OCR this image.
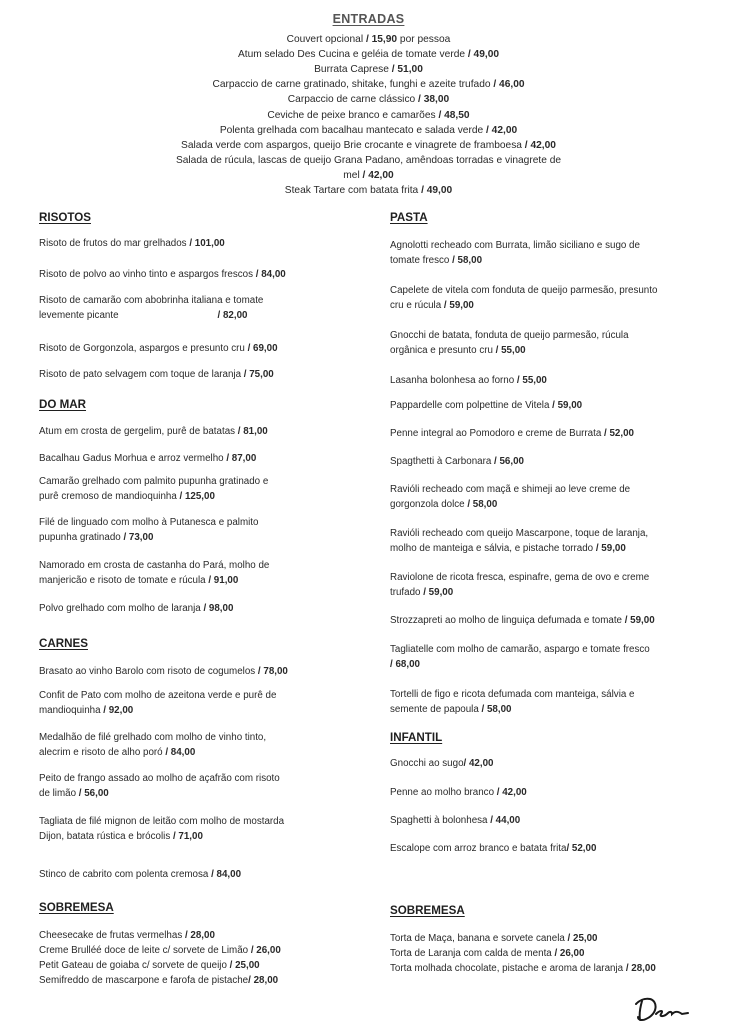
ENTRADAS
Couvert opcional / 15,90 por pessoa
Atum selado Des Cucina e geléia de tomate verde / 49,00
Burrata Caprese / 51,00
Carpaccio de carne gratinado, shitake, funghi e azeite trufado / 46,00
Carpaccio de carne clássico / 38,00
Ceviche de peixe branco e camarões / 48,50
Polenta grelhada com bacalhau mantecato e salada verde / 42,00
Salada verde com aspargos, queijo Brie crocante e vinagrete de framboesa / 42,00
Salada de rúcula, lascas de queijo Grana Padano, amêndoas torradas e vinagrete de
mel / 42,00
Steak Tartare com batata frita / 49,00
RISOTOS
Risoto de frutos do mar grelhados / 101,00
Risoto de polvo ao vinho tinto e aspargos frescos / 84,00
Risoto de camarão com abobrinha italiana e tomate
levemente picante	/ 82,00
Risoto de Gorgonzola, aspargos e presunto cru / 69,00
Risoto de pato selvagem com toque de laranja / 75,00
DO MAR
Atum em crosta de gergelim, purê de batatas / 81,00
Bacalhau Gadus Morhua e arroz vermelho / 87,00
Camarão grelhado com palmito pupunha gratinado e
purê cremoso de mandioquinha / 125,00
Filé de linguado com molho à Putanesca e palmito
pupunha gratinado / 73,00
Namorado em crosta de castanha do Pará, molho de
manjericão e risoto de tomate e rúcula / 91,00
Polvo grelhado com molho de laranja / 98,00
CARNES
Brasato ao vinho Barolo com risoto de cogumelos / 78,00
Confit de Pato com molho de azeitona verde e purê de
mandioquinha / 92,00
Medalhão de filé grelhado com molho de vinho tinto,
alecrim e risoto de alho poró / 84,00
Peito de frango assado ao molho de açafrão com risoto
de limão / 56,00
Tagliata de filé mignon de leitão com molho de mostarda
Dijon, batata rústica e brócolis / 71,00
Stinco de cabrito com polenta cremosa / 84,00
SOBREMESA
Cheesecake de frutas vermelhas / 28,00
Creme Brulléé doce de leite c/ sorvete de Limão / 26,00
Petit Gateau de goiaba c/ sorvete de queijo / 25,00
Semifreddo de mascarpone e farofa de pistache/ 28,00
PASTA
Agnolotti recheado com Burrata, limão siciliano e sugo de
tomate fresco / 58,00
Capelete de vitela com fonduta de queijo parmesão, presunto
cru e rúcula / 59,00
Gnocchi de batata, fonduta de queijo parmesão, rúcula
orgânica e presunto cru / 55,00
Lasanha bolonhesa ao forno / 55,00
Pappardelle com polpettine de Vitela / 59,00
Penne integral ao Pomodoro e creme de Burrata / 52,00
Spagthetti à Carbonara / 56,00
Ravióli recheado com maçã e shimeji ao leve creme de
gorgonzola dolce / 58,00
Ravióli recheado com queijo Mascarpone, toque de laranja,
molho de manteiga e sálvia, e pistache torrado / 59,00
Raviolone de ricota fresca, espinafre, gema de ovo e creme
trufado / 59,00
Strozzapreti ao molho de linguiça defumada e tomate / 59,00
Tagliatelle com molho de camarão, aspargo e tomate fresco
/ 68,00
Tortelli de figo e ricota defumada com manteiga, sálvia e
semente de papoula / 58,00
INFANTIL
Gnocchi ao sugo/ 42,00
Penne ao molho branco / 42,00
Spaghetti à bolonhesa / 44,00
Escalope com arroz branco e batata frita/ 52,00
SOBREMESA
Torta de Maça, banana e sorvete canela / 25,00
Torta de Laranja com calda de menta / 26,00
Torta molhada chocolate, pistache e aroma de laranja / 28,00
